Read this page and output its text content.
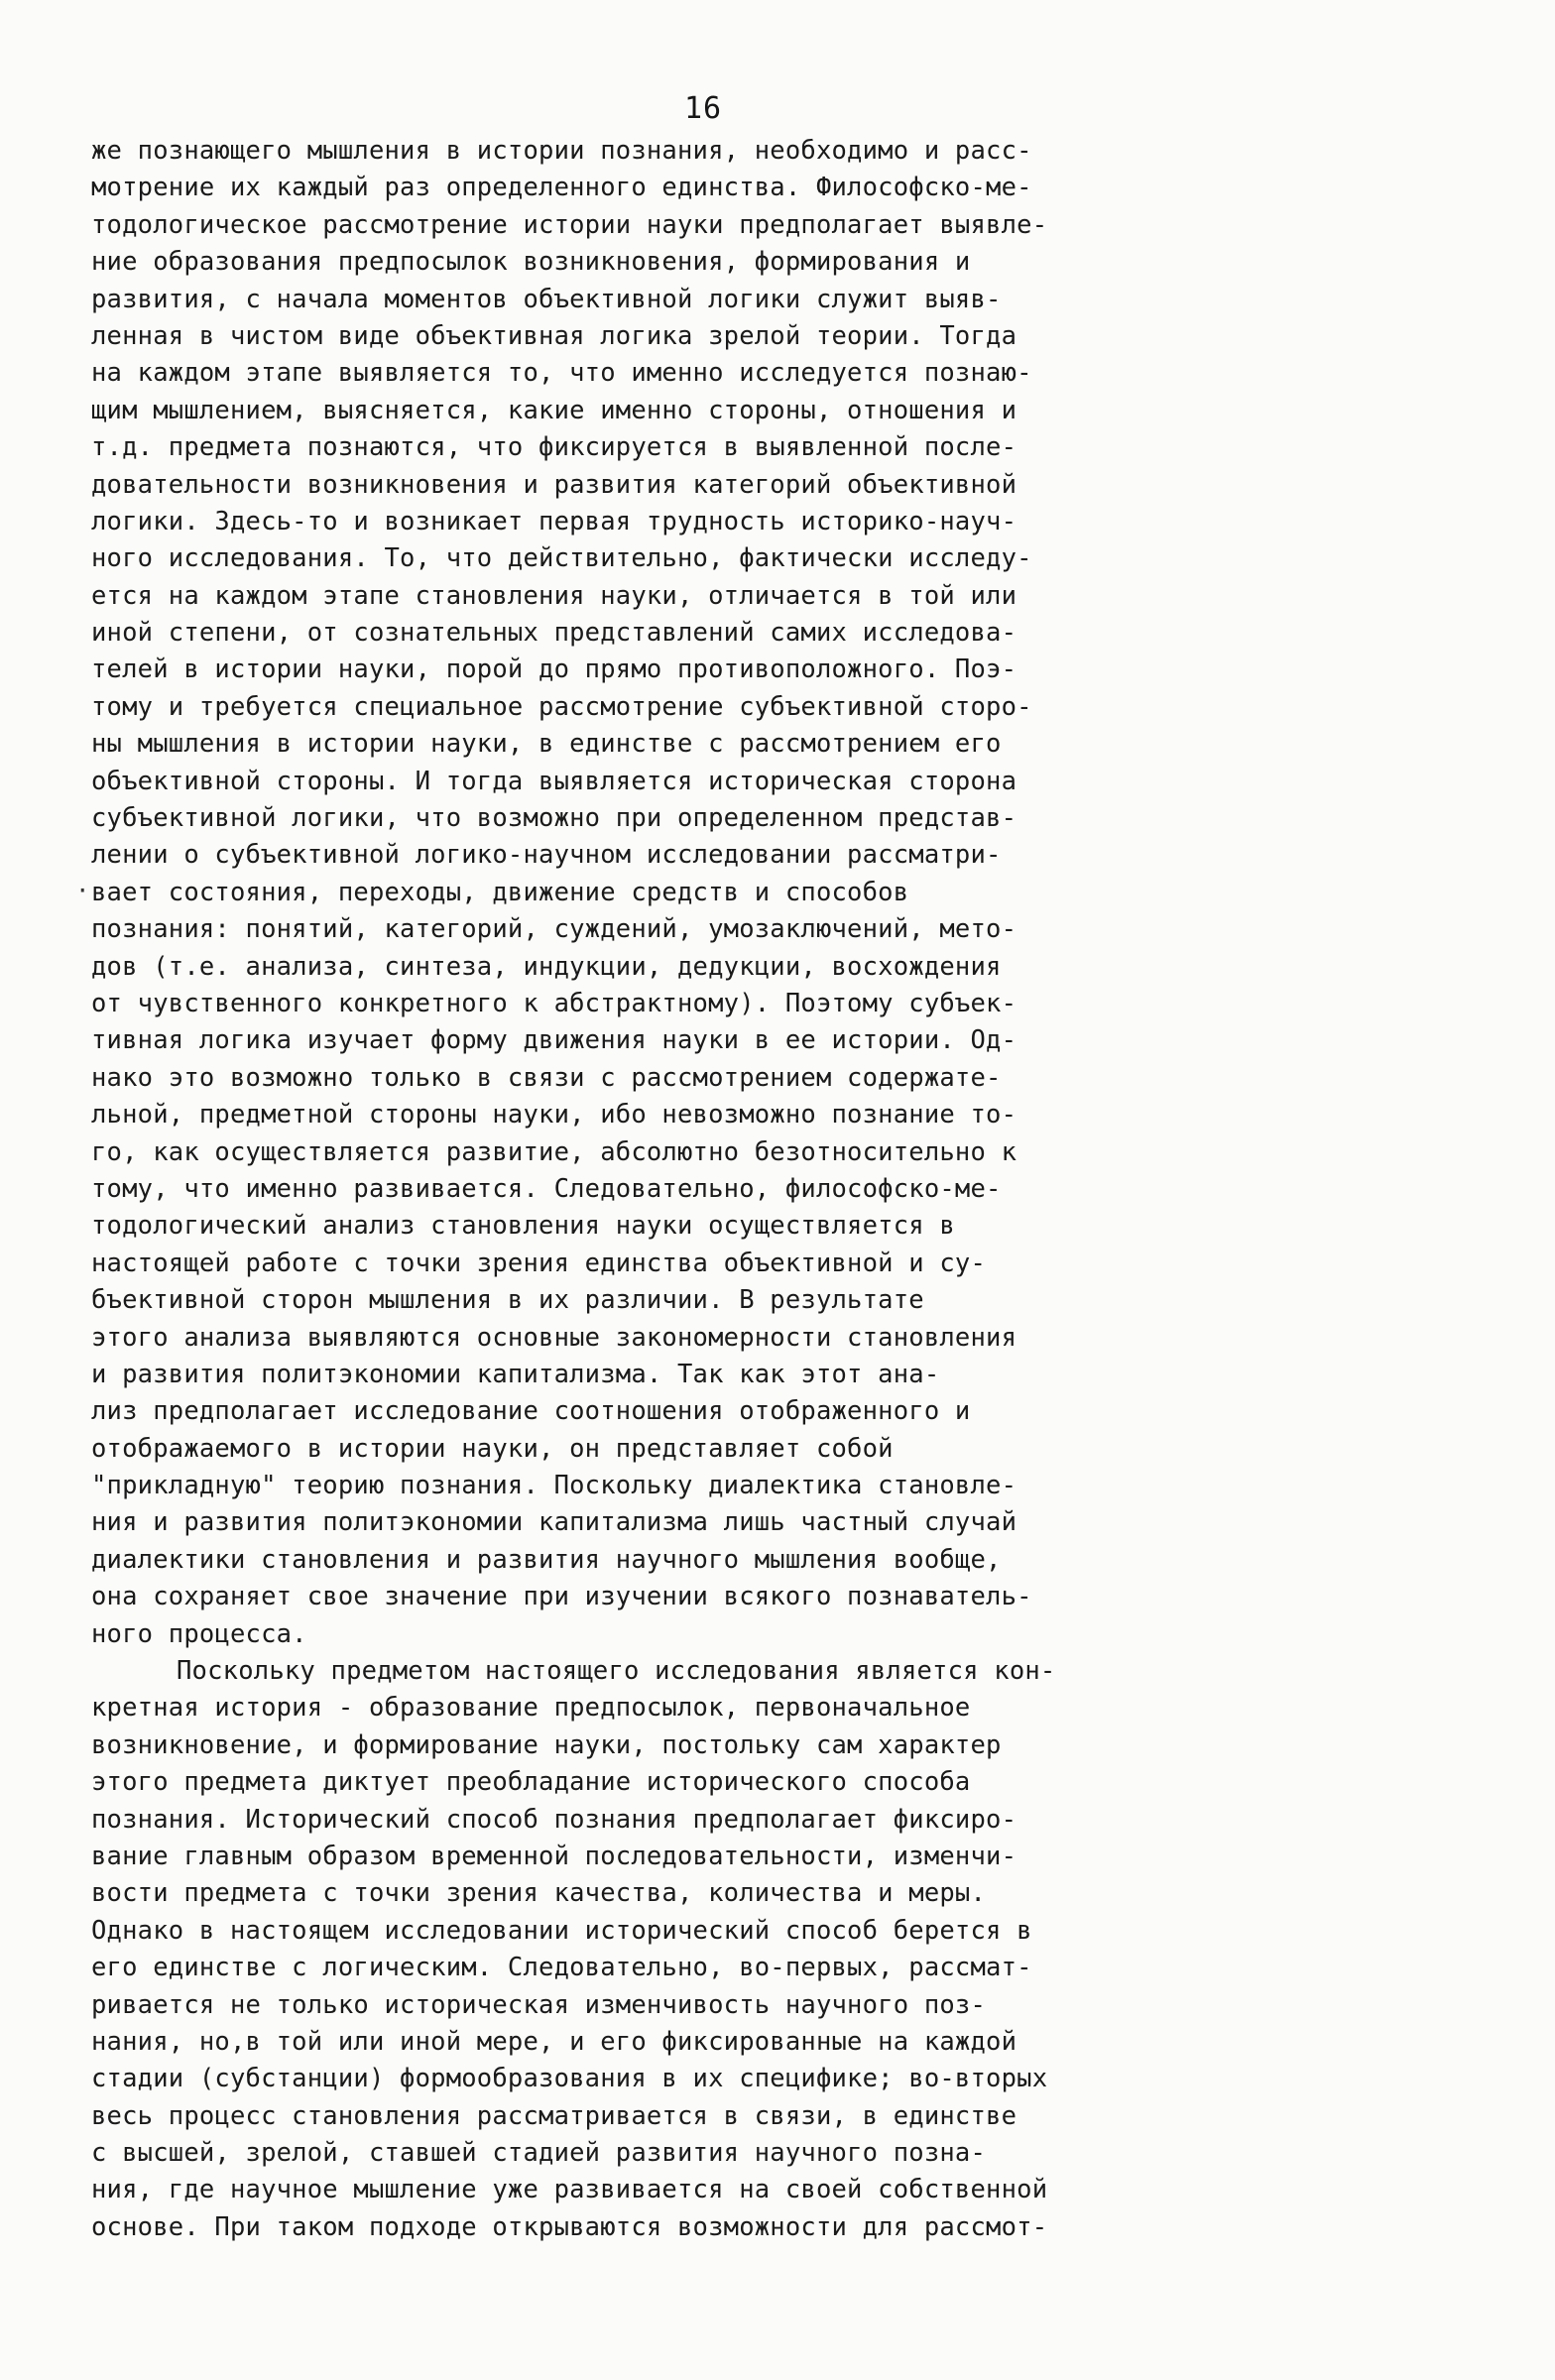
16
·
же познающего мышления в истории познания, необходимо и расс-
мотрение их каждый раз определенного единства. Философско-ме-
тодологическое рассмотрение истории науки предполагает выявле-
ние образования предпосылок возникновения, формирования и
развития, с начала моментов объективной логики служит выяв-
ленная в чистом виде объективная логика зрелой теории. Тогда
на каждом этапе выявляется то, что именно исследуется познаю-
щим мышлением, выясняется, какие именно стороны, отношения и
т.д. предмета познаются, что фиксируется в выявленной после-
довательности возникновения и развития категорий объективной
логики. Здесь-то и возникает первая трудность историко-науч-
ного исследования. То, что действительно, фактически исследу-
ется на каждом этапе становления науки, отличается в той или
иной степени, от сознательных представлений самих исследова-
телей в истории науки, порой до прямо противоположного. Поэ-
тому и требуется специальное рассмотрение субъективной сторо-
ны мышления в истории науки, в единстве с рассмотрением его
объективной стороны. И тогда выявляется историческая сторона
субъективной логики, что возможно при определенном представ-
лении о субъективной логико-научном исследовании рассматри-
вает состояния, переходы, движение средств и способов
познания: понятий, категорий, суждений, умозаключений, мето-
дов (т.е. анализа, синтеза, индукции, дедукции, восхождения
от чувственного конкретного к абстрактному). Поэтому субъек-
тивная логика изучает форму движения науки в ее истории. Од-
нако это возможно только в связи с рассмотрением содержате-
льной, предметной стороны науки, ибо невозможно познание то-
го, как осуществляется развитие, абсолютно безотносительно к
тому, что именно развивается. Следовательно, философско-ме-
тодологический анализ становления науки осуществляется в
настоящей работе с точки зрения единства объективной и су-
бъективной сторон мышления в их различии. В результате
этого анализа выявляются основные закономерности становления
и развития политэкономии капитализма. Так как этот ана-
лиз предполагает исследование соотношения отображенного и
отображаемого в истории науки, он представляет собой
"прикладную" теорию познания. Поскольку диалектика становле-
ния и развития политэкономии капитализма лишь частный случай
диалектики становления и развития научного мышления вообще,
она сохраняет свое значение при изучении всякого познаватель-
ного процесса.
Поскольку предметом настоящего исследования является кон-
кретная история - образование предпосылок, первоначальное
возникновение, и формирование науки, постольку сам характер
этого предмета диктует преобладание исторического способа
познания. Исторический способ познания предполагает фиксиро-
вание главным образом временной последовательности, изменчи-
вости предмета с точки зрения качества, количества и меры.
Однако в настоящем исследовании исторический способ берется в
его единстве с логическим. Следовательно, во-первых, рассмат-
ривается не только историческая изменчивость научного поз-
нания, но,в той или иной мере, и его фиксированные на каждой
стадии (субстанции) формообразования в их специфике; во-вторых
весь процесс становления рассматривается в связи, в единстве
с высшей, зрелой, ставшей стадией развития научного позна-
ния, где научное мышление уже развивается на своей собственной
основе. При таком подходе открываются возможности для рассмот-
